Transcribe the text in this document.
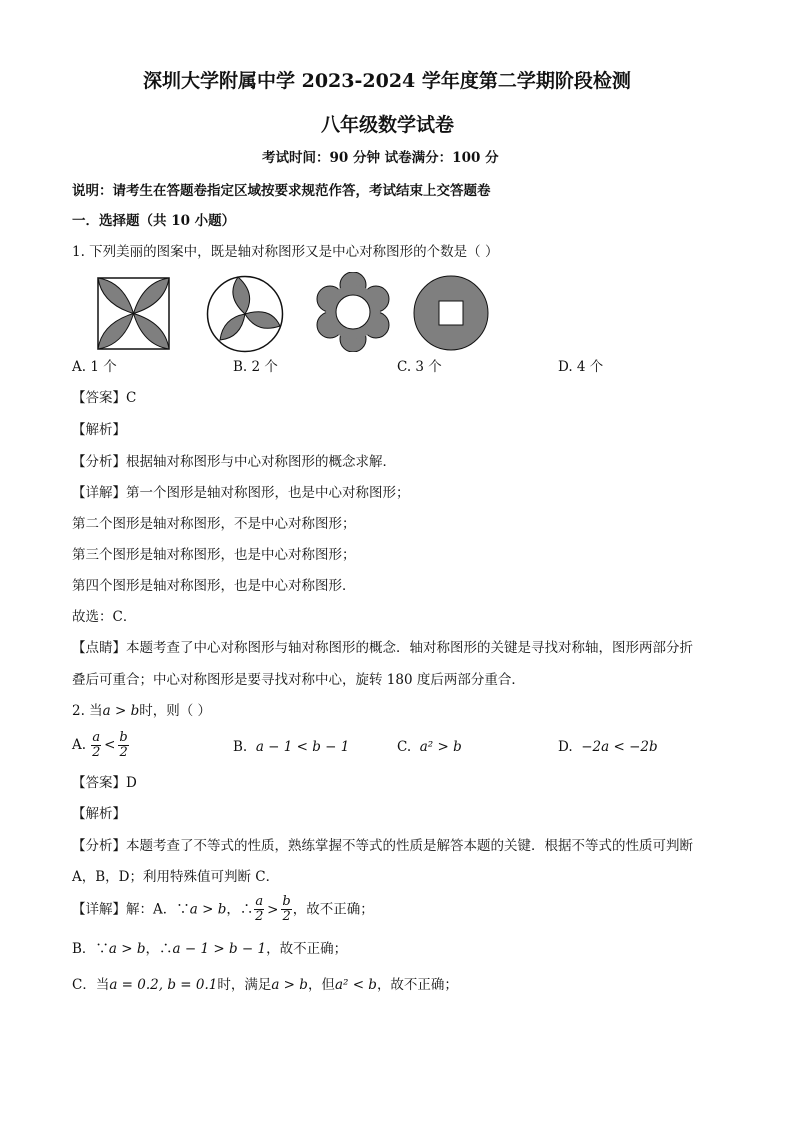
深圳大学附属中学 2023-2024 学年度第二学期阶段检测
八年级数学试卷
考试时间：90 分钟 试卷满分：100 分
说明：请考生在答题卷指定区域按要求规范作答，考试结束上交答题卷
一．选择题（共 10 小题）
1. 下列美丽的图案中，既是轴对称图形又是中心对称图形的个数是（ ）
A. 1 个	B. 2 个	C. 3 个	D. 4 个
【答案】C
【解析】
【分析】根据轴对称图形与中心对称图形的概念求解．
【详解】第一个图形是轴对称图形，也是中心对称图形；
第二个图形是轴对称图形，不是中心对称图形；
第三个图形是轴对称图形，也是中心对称图形；
第四个图形是轴对称图形，也是中心对称图形．
故选：C．
【点睛】本题考查了中心对称图形与轴对称图形的概念．轴对称图形的关键是寻找对称轴，图形两部分折
叠后可重合；中心对称图形是要寻找对称中心，旋转 180 度后两部分重合．
2. 当a > b时，则（ ）
A. $\frac{a}{2} < \frac{b}{2}$	B. a − 1 < b − 1	C. a² > b	D. −2a < −2b
【答案】D
【解析】
【分析】本题考查了不等式的性质，熟练掌握不等式的性质是解答本题的关键．根据不等式的性质可判断
A，B，D；利用特殊值可判断 C．
【详解】解：A．∵a > b，∴ $\frac{a}{2} > \frac{b}{2}$ ，故不正确；
B．∵a > b，∴a − 1 > b − 1，故不正确；
C．当a = 0.2, b = 0.1时，满足a > b，但a² < b，故不正确；
